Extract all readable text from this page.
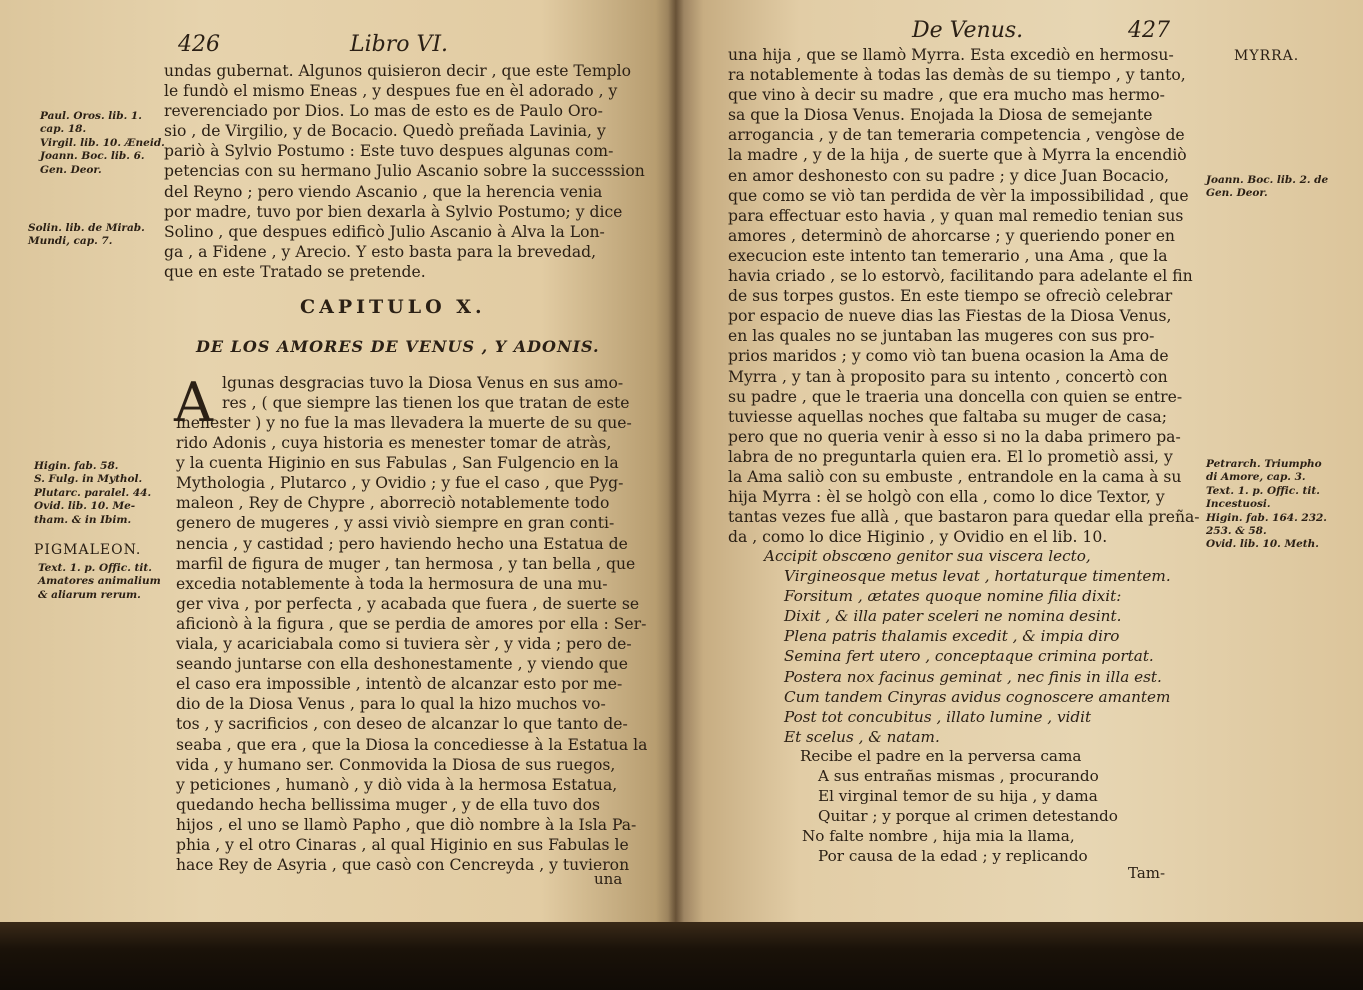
426	Libro VI.
undas gubernat. Algunos quisieron decir , que este Templo
le fundò el mismo Eneas , y despues fue en èl adorado , y
reverenciado por Dios. Lo mas de esto es de Paulo Oro-
sio , de Virgilio, y de Bocacio. Quedò preñada Lavinia, y
pariò à Sylvio Postumo : Este tuvo despues algunas com-
petencias con su hermano Julio Ascanio sobre la successsion
del Reyno ; pero viendo Ascanio , que la herencia venia
por madre, tuvo por bien dexarla à Sylvio Postumo; y dice
Solino , que despues edificò Julio Ascanio à Alva la Lon-
ga , a Fidene , y Arecio. Y esto basta para la brevedad,
que en este Tratado se pretende.
CAPITULO X.
DE LOS AMORES DE VENUS , Y ADONIS.
A lgunas desgracias tuvo la Diosa Venus en sus amo-
res , ( que siempre las tienen los que tratan de este
menester ) y no fue la mas llevadera la muerte de su que-
rido Adonis , cuya historia es menester tomar de atràs,
y la cuenta Higinio en sus Fabulas , San Fulgencio en la
Mythologia , Plutarco , y Ovidio ; y fue el caso , que Pyg-
maleon , Rey de Chypre , aborreciò notablemente todo
genero de mugeres , y assi viviò siempre en gran conti-
nencia , y castidad ; pero haviendo hecho una Estatua de
marfil de figura de muger , tan hermosa , y tan bella , que
excedia notablemente à toda la hermosura de una mu-
ger viva , por perfecta , y acabada que fuera , de suerte se
aficionò à la figura , que se perdia de amores por ella : Ser-
viala, y acariciabala como si tuviera sèr , y vida ; pero de-
seando juntarse con ella deshonestamente , y viendo que
el caso era impossible , intentò de alcanzar esto por me-
dio de la Diosa Venus , para lo qual la hizo muchos vo-
tos , y sacrificios , con deseo de alcanzar lo que tanto de-
seaba , que era , que la Diosa la concediesse à la Estatua la
vida , y humano ser. Conmovida la Diosa de sus ruegos,
y peticiones , humanò , y diò vida à la hermosa Estatua,
quedando hecha bellissima muger , y de ella tuvo dos
hijos , el uno se llamò Papho , que diò nombre à la Isla Pa-
phia , y el otro Cinaras , al qual Higinio en sus Fabulas le
hace Rey de Asyria , que casò con Cencreyda , y tuvieron
una
Paul. Oros. lib. 1.
cap. 18.
Virgil. lib. 10. Æneid.
Joann. Boc. lib. 6.
Gen. Deor.
Solin. lib. de Mirab.
Mundi, cap. 7.
Higin. fab. 58.
S. Fulg. in Mythol.
Plutarc. paralel. 44.
Ovid. lib. 10. Me-
tham. & in Ibim.
PIGMALEON.
Text. 1. p. Offic. tit.
Amatores animalium
& aliarum rerum.
De Venus.	427
MYRRA.
una hija , que se llamò Myrra. Esta excediò en hermosu-
ra notablemente à todas las demàs de su tiempo , y tanto,
que vino à decir su madre , que era mucho mas hermo-
sa que la Diosa Venus. Enojada la Diosa de semejante
arrogancia , y de tan temeraria competencia , vengòse de
la madre , y de la hija , de suerte que à Myrra la encendiò
en amor deshonesto con su padre ; y dice Juan Bocacio,
que como se viò tan perdida de vèr la impossibilidad , que
para effectuar esto havia , y quan mal remedio tenian sus
amores , determinò de ahorcarse ; y queriendo poner en
execucion este intento tan temerario , una Ama , que la
havia criado , se lo estorvò, facilitando para adelante el fin
de sus torpes gustos. En este tiempo se ofreciò celebrar
por espacio de nueve dias las Fiestas de la Diosa Venus,
en las quales no se juntaban las mugeres con sus pro-
prios maridos ; y como viò tan buena ocasion la Ama de
Myrra , y tan à proposito para su intento , concertò con
su padre , que le traeria una doncella con quien se entre-
tuviesse aquellas noches que faltaba su muger de casa;
pero que no queria venir à esso si no la daba primero pa-
labra de no preguntarla quien era. El lo prometiò assi, y
la Ama saliò con su embuste , entrandole en la cama à su
hija Myrra : èl se holgò con ella , como lo dice Textor, y
tantas vezes fue allà , que bastaron para quedar ella preña-
da , como lo dice Higinio , y Ovidio en el lib. 10.
Accipit obscœno genitor sua viscera lecto,
Virgineosque metus levat , hortaturque timentem.
Forsitum , ætates quoque nomine filia dixit:
Dixit , & illa pater sceleri ne nomina desint.
Plena patris thalamis excedit , & impia diro
Semina fert utero , conceptaque crimina portat.
Postera nox facinus geminat , nec finis in illa est.
Cum tandem Cinyras avidus cognoscere amantem
Post tot concubitus , illato lumine , vidit
Et scelus , & natam.
Recibe el padre en la perversa cama
A sus entrañas mismas , procurando
El virginal temor de su hija , y dama
Quitar ; y porque al crimen detestando
No falte nombre , hija mia la llama,
Por causa de la edad ; y replicando
Tam-
Joann. Boc. lib. 2. de
Gen. Deor.
Petrarch. Triumpho
di Amore, cap. 3.
Text. 1. p. Offic. tit.
Incestuosi.
Higin. fab. 164. 232.
253. & 58.
Ovid. lib. 10. Meth.
